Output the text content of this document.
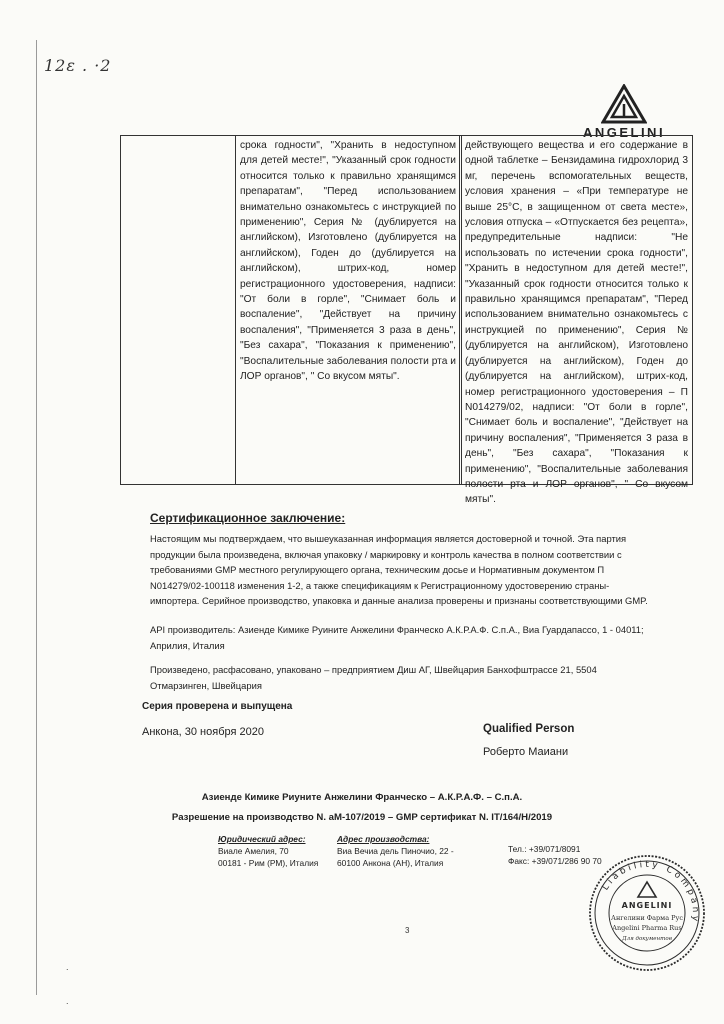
12ε . ·2
ANGELINI
срока годности", "Хранить в недоступном для детей месте!", "Указанный срок годности относится только к правильно хранящимся препаратам", "Перед использованием внимательно ознакомьтесь с инструкцией по применению", Серия № (дублируется на английском), Изготовлено (дублируется на английском), Годен до (дублируется на английском), штрих-код, номер регистрационного удостоверения, надписи: "От боли в горле", "Снимает боль и воспаление", "Действует на причину воспаления", "Применяется 3 раза в день", "Без сахара", "Показания к применению", "Воспалительные заболевания полости рта и ЛОР органов", " Со вкусом мяты".
действующего вещества и его содержание в одной таблетке – Бензидамина гидрохлорид 3 мг, перечень вспомогательных веществ, условия хранения – «При температуре не выше 25°С, в защищенном от света месте», условия отпуска – «Отпускается без рецепта», предупредительные надписи: "Не использовать по истечении срока годности", "Хранить в недоступном для детей месте!", "Указанный срок годности относится только к правильно хранящимся препаратам", "Перед использованием внимательно ознакомьтесь с инструкцией по применению", Серия № (дублируется на английском), Изготовлено (дублируется на английском), Годен до (дублируется на английском), штрих-код, номер регистрационного удостоверения – П N014279/02, надписи: "От боли в горле", "Снимает боль и воспаление", "Действует на причину воспаления", "Применяется 3 раза в день", "Без сахара", "Показания к применению", "Воспалительные заболевания полости рта и ЛОР органов", " Со вкусом мяты".
Сертификационное заключение:
Настоящим мы подтверждаем, что вышеуказанная информация является достоверной и точной. Эта партия продукции была произведена, включая упаковку / маркировку и контроль качества в полном соответствии с требованиями GMP местного регулирующего органа, техническим досье и Нормативным документом П N014279/02-100118 изменения 1-2, а также спецификациям к Регистрационному удостоверению страны-импортера. Серийное производство, упаковка и данные анализа проверены и признаны соответствующими GMP.
API производитель: Азиенде Кимике Руините Анжелини Франческо А.К.Р.А.Ф. С.п.А., Виа Гуардапассо, 1 - 04011; Априлия, Италия
Произведено, расфасовано, упаковано – предприятием Диш АГ, Швейцария Банхофштрассе 21, 5504 Отмарзинген, Швейцария
Серия проверена и выпущена
Анкона, 30 ноября 2020	Qualified Person
Роберто Маиани
Азиенде Кимике Риуните Анжелини Франческо – А.К.Р.А.Ф. – С.п.А.
Разрешение на производство N. аМ-107/2019 – GMP сертификат N. IT/164/H/2019
Юридический адрес:
Виале Амелия, 70
00181 - Рим (РМ), Италия
Адрес производства:
Виа Вечиа дель Пиночио, 22 -
60100 Анкона (АН), Италия
Тел.: +39/071/8091
Факс: +39/071/286 90 70
3
.
.
Liability Company
ANGELINI
Ангелини Фарма Рус
Angelini Pharma Rus
Для документов
